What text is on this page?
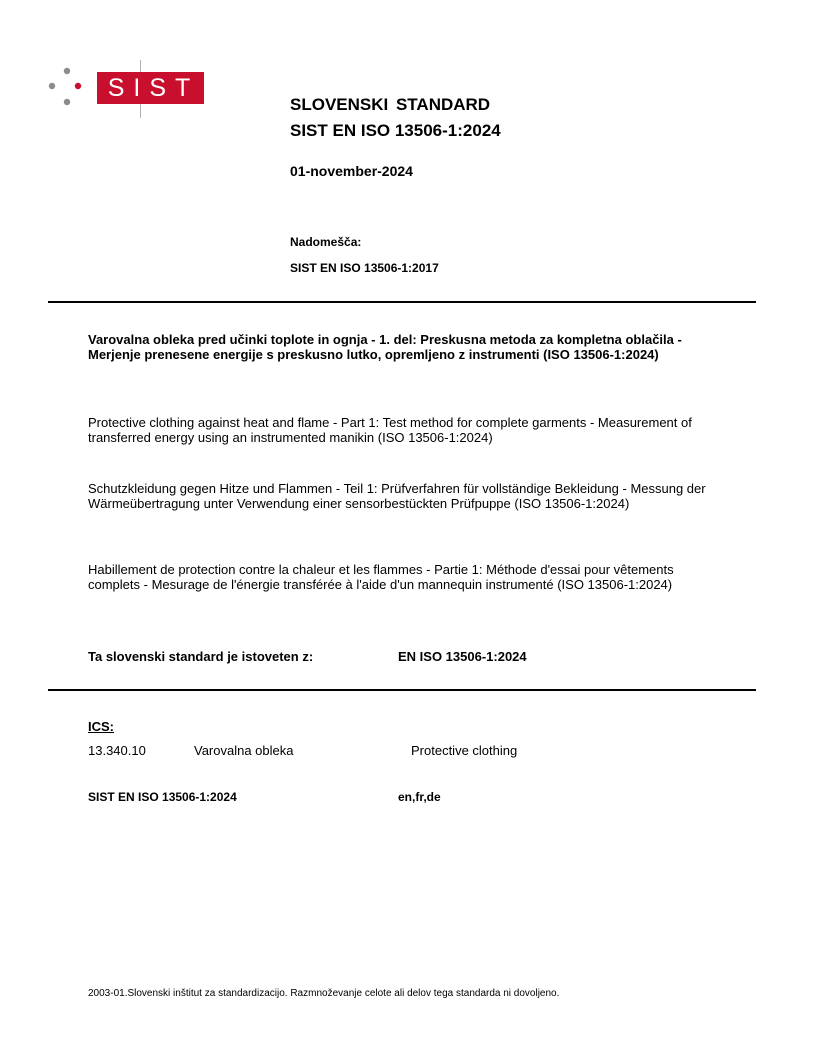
SIST
SLOVENSKI STANDARD
SIST EN ISO 13506-1:2024
01-november-2024
Nadomešča:
SIST EN ISO 13506-1:2017
Varovalna obleka pred učinki toplote in ognja - 1. del: Preskusna metoda za kompletna oblačila - Merjenje prenesene energije s preskusno lutko, opremljeno z instrumenti (ISO 13506-1:2024)
Protective clothing against heat and flame - Part 1: Test method for complete garments - Measurement of transferred energy using an instrumented manikin (ISO 13506-1:2024)
Schutzkleidung gegen Hitze und Flammen - Teil 1: Prüfverfahren für vollständige Bekleidung - Messung der Wärmeübertragung unter Verwendung einer sensorbestückten Prüfpuppe (ISO 13506-1:2024)
Habillement de protection contre la chaleur et les flammes - Partie 1: Méthode d'essai pour vêtements complets - Mesurage de l'énergie transférée à l'aide d'un mannequin instrumenté (ISO 13506-1:2024)
Ta slovenski standard je istoveten z:	EN ISO 13506-1:2024
ICS:
13.340.10	Varovalna obleka	Protective clothing
SIST EN ISO 13506-1:2024	en,fr,de
2003-01.Slovenski inštitut za standardizacijo. Razmnoževanje celote ali delov tega standarda ni dovoljeno.
